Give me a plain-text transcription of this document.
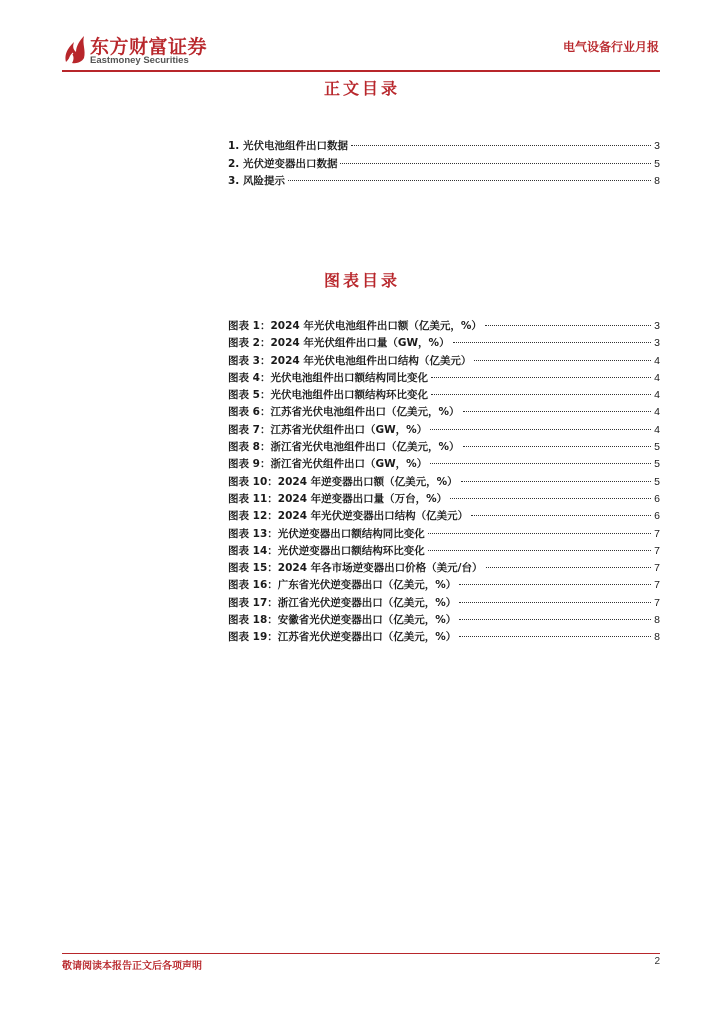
东方财富证券
Eastmoney Securities
电气设备行业月报
正文目录
1. 光伏电池组件出口数据	3
2. 光伏逆变器出口数据	5
3. 风险提示	8
图表目录
图表 1： 2024 年光伏电池组件出口额（亿美元，%）	3
图表 2： 2024 年光伏组件出口量（GW，%）	3
图表 3： 2024 年光伏电池组件出口结构（亿美元）	4
图表 4： 光伏电池组件出口额结构同比变化	4
图表 5： 光伏电池组件出口额结构环比变化	4
图表 6： 江苏省光伏电池组件出口（亿美元，%）	4
图表 7： 江苏省光伏组件出口（GW，%）	4
图表 8： 浙江省光伏电池组件出口（亿美元，%）	5
图表 9： 浙江省光伏组件出口（GW，%）	5
图表 10： 2024 年逆变器出口额（亿美元，%）	5
图表 11： 2024 年逆变器出口量（万台，%）	6
图表 12： 2024 年光伏逆变器出口结构（亿美元）	6
图表 13： 光伏逆变器出口额结构同比变化	7
图表 14： 光伏逆变器出口额结构环比变化	7
图表 15： 2024 年各市场逆变器出口价格（美元/台）	7
图表 16： 广东省光伏逆变器出口（亿美元，%）	7
图表 17： 浙江省光伏逆变器出口（亿美元，%）	7
图表 18： 安徽省光伏逆变器出口（亿美元，%）	8
图表 19： 江苏省光伏逆变器出口（亿美元，%）	8
敬请阅读本报告正文后各项声明	2
